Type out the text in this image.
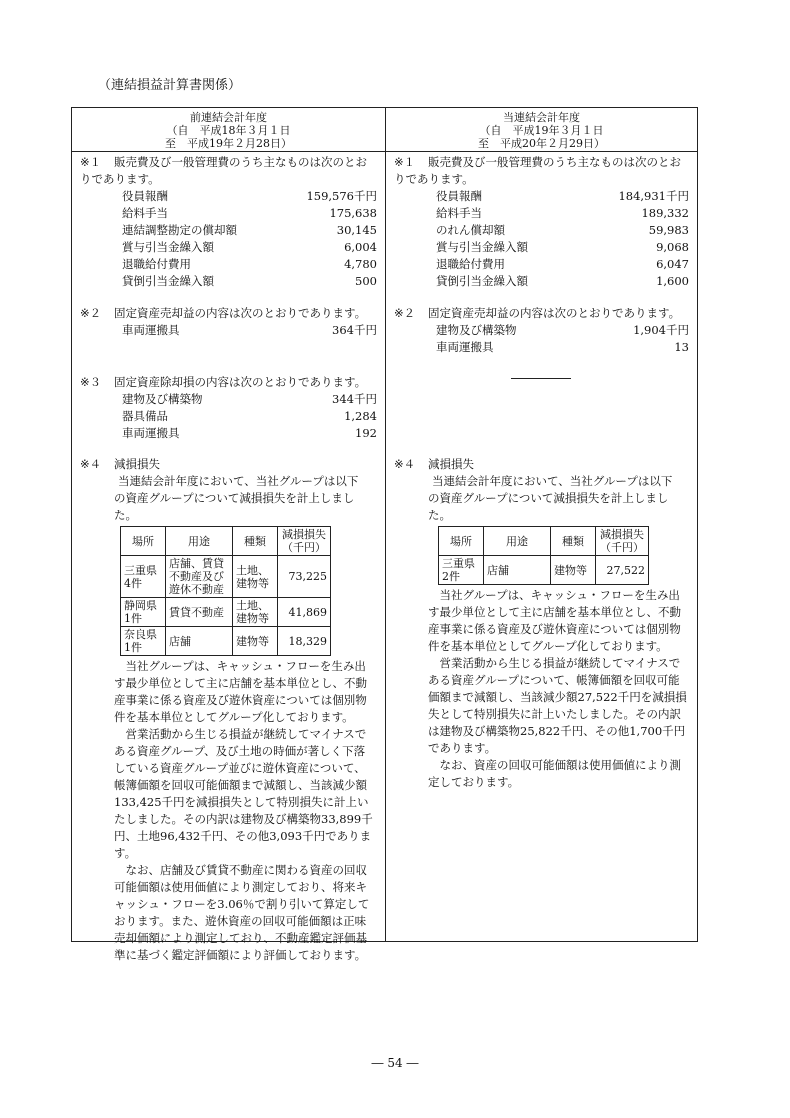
（連結損益計算書関係）
前連結会計年度
（自　平成18年３月１日
至　平成19年２月28日）
※１ 販売費及び一般管理費のうち主なものは次のとお
りであります。
役員報酬	159,576千円
給料手当	175,638
連結調整勘定の償却額	30,145
賞与引当金繰入額	6,004
退職給付費用	4,780
貸倒引当金繰入額	500
※２ 固定資産売却益の内容は次のとおりであります。
車両運搬具	364千円
※３ 固定資産除却損の内容は次のとおりであります。
建物及び構築物	344千円
器具備品	1,284
車両運搬具	192
※４ 減損損失
当連結会計年度において、当社グループは以下
の資産グループについて減損損失を計上しまし
た。
場所	用途	種類	減損損失
（千円）
三重県
4件	店舗、賃貸
不動産及び
遊休不動産	土地、
建物等	73,225
静岡県
1件	賃貸不動産	土地、
建物等	41,869
奈良県
1件	店舗	建物等	18,329
当社グループは、キャッシュ・フローを生み出
す最少単位として主に店舗を基本単位とし、不動
産事業に係る資産及び遊休資産については個別物
件を基本単位としてグループ化しております。
営業活動から生じる損益が継続してマイナスで
ある資産グループ、及び土地の時価が著しく下落
している資産グループ並びに遊休資産について、
帳簿価額を回収可能価額まで減額し、当該減少額
133,425千円を減損損失として特別損失に計上い
たしました。その内訳は建物及び構築物33,899千
円、土地96,432千円、その他3,093千円でありま
す。
なお、店舗及び賃貸不動産に関わる資産の回収
可能価額は使用価値により測定しており、将来キ
ャッシュ・フローを3.06％で割り引いて算定して
おります。また、遊休資産の回収可能価額は正味
売却価額により測定しており、不動産鑑定評価基
準に基づく鑑定評価額により評価しております。
当連結会計年度
（自　平成19年３月１日
至　平成20年２月29日）
※１ 販売費及び一般管理費のうち主なものは次のとお
りであります。
役員報酬	184,931千円
給料手当	189,332
のれん償却額	59,983
賞与引当金繰入額	9,068
退職給付費用	6,047
貸倒引当金繰入額	1,600
※２ 固定資産売却益の内容は次のとおりであります。
建物及び構築物	1,904千円
車両運搬具	13
※４ 減損損失
当連結会計年度において、当社グループは以下
の資産グループについて減損損失を計上しまし
た。
場所	用途	種類	減損損失
（千円）
三重県
2件	店舗	建物等	27,522
当社グループは、キャッシュ・フローを生み出
す最少単位として主に店舗を基本単位とし、不動
産事業に係る資産及び遊休資産については個別物
件を基本単位としてグループ化しております。
営業活動から生じる損益が継続してマイナスで
ある資産グループについて、帳簿価額を回収可能
価額まで減額し、当該減少額27,522千円を減損損
失として特別損失に計上いたしました。その内訳
は建物及び構築物25,822千円、その他1,700千円
であります。
なお、資産の回収可能価額は使用価値により測
定しております。
― 54 ―
